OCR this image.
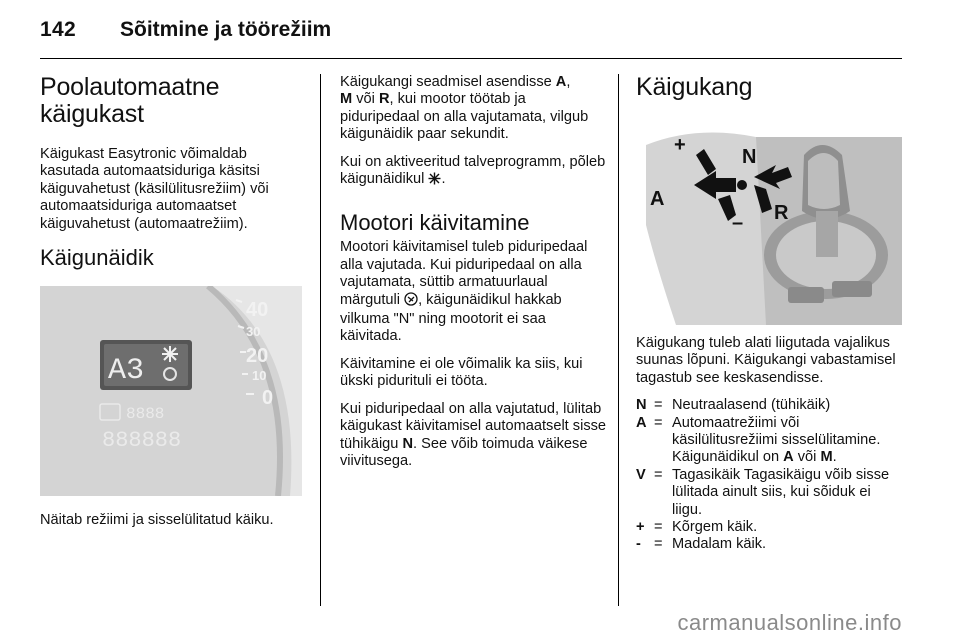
142 Sõitmine ja töörežiim
Poolautomaatne käigukast

Käigukast Easytronic võimaldab kasutada automaatsiduriga käsitsi käiguvahetust (käsilülitusrežiim) või automaatsiduriga automaatset käiguvahetust (automaatrežiim).

Käigunäidik
40
30
20
10
0
A3
8888
888888

Näitab režiimi ja sisselülitatud käiku.

Käigukangi seadmisel asendisse A,
M või R, kui mootor töötab ja piduripedaal on alla vajutamata, vilgub käigunäidik paar sekundit.

Kui on aktiveeritud talveprogramm, põleb käigunäidikul .

Mootori käivitamine

Mootori käivitamisel tuleb piduripedaal alla vajutada. Kui piduripedaal on alla vajutamata, süttib armatuurlaual märgutuli , käigunäidikul hakkab vilkuma "N" ning mootorit ei saa käivitada.

Käivitamine ei ole võimalik ka siis, kui ükski pidurituli ei tööta.

Kui piduripedaal on alla vajutatud, lülitab käigukast käivitamisel automaatselt sisse tühikäigu N. See võib toimuda väikese viivitusega.

Käigukang
+
N
A
R
–

Käigukang tuleb alati liigutada vajalikus suunas lõpuni. Käigukangi vabastamisel tagastub see keskasendisse.

N = Neutraalasend (tühikäik)
A = Automaatrežiimi või käsilülitusrežiimi sisselülitamine. Käigunäidikul on A või M.
V = Tagasikäik Tagasikäigu võib sisse lülitada ainult siis, kui sõiduk ei liigu.
+ = Kõrgem käik.
- = Madalam käik.
carmanualsonline.info
